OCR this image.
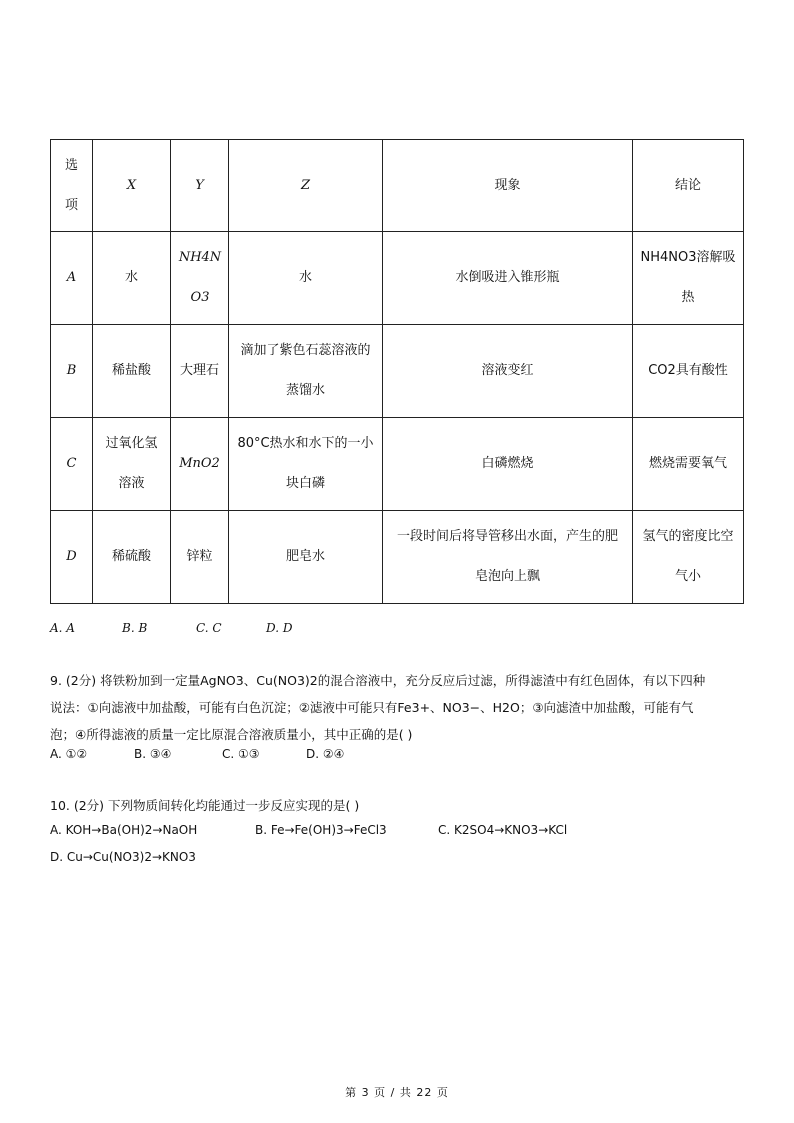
选项	X	Y	Z	现象	结论
A	水	NH4NO3	水	水倒吸进入锥形瓶	NH4NO3溶解吸热
B	稀盐酸	大理石	滴加了紫色石蕊溶液的蒸馏水	溶液变红	CO2具有酸性
C	过氧化氢溶液	MnO2	80°C热水和水下的一小块白磷	白磷燃烧	燃烧需要氧气
D	稀硫酸	锌粒	肥皂水	一段时间后将导管移出水面，产生的肥皂泡向上飘	氢气的密度比空气小
A. A	B. B	C. C	D. D
9. (2分) 将铁粉加到一定量AgNO3、Cu(NO3)2的混合溶液中，充分反应后过滤，所得滤渣中有红色固体，有以下四种
说法：①向滤液中加盐酸，可能有白色沉淀；②滤液中可能只有Fe3+、NO3−、H2O；③向滤渣中加盐酸，可能有气
泡；④所得滤液的质量一定比原混合溶液质量小，其中正确的是( )
A. ①②	B. ③④	C. ①③	D. ②④
10. (2分) 下列物质间转化均能通过一步反应实现的是( )
A. KOH→Ba(OH)2→NaOH	B. Fe→Fe(OH)3→FeCl3	C. K2SO4→KNO3→KCl
D. Cu→Cu(NO3)2→KNO3
第 3 页 / 共 22 页
